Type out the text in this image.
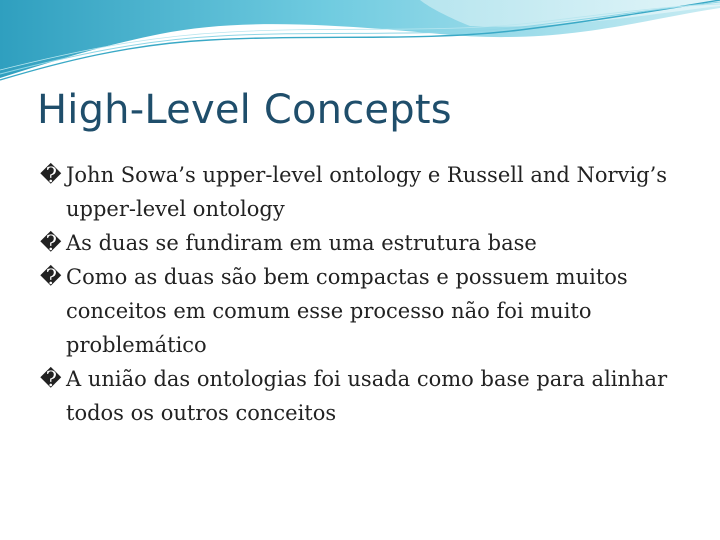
High-Level Concepts
� John Sowa’s upper-level ontology e Russell and Norvig’s upper-level ontology
� As duas se fundiram em uma estrutura base
� Como as duas são bem compactas e possuem muitos conceitos em comum esse processo não foi muito problemático
� A união das ontologias foi usada como base para alinhar todos os outros conceitos
